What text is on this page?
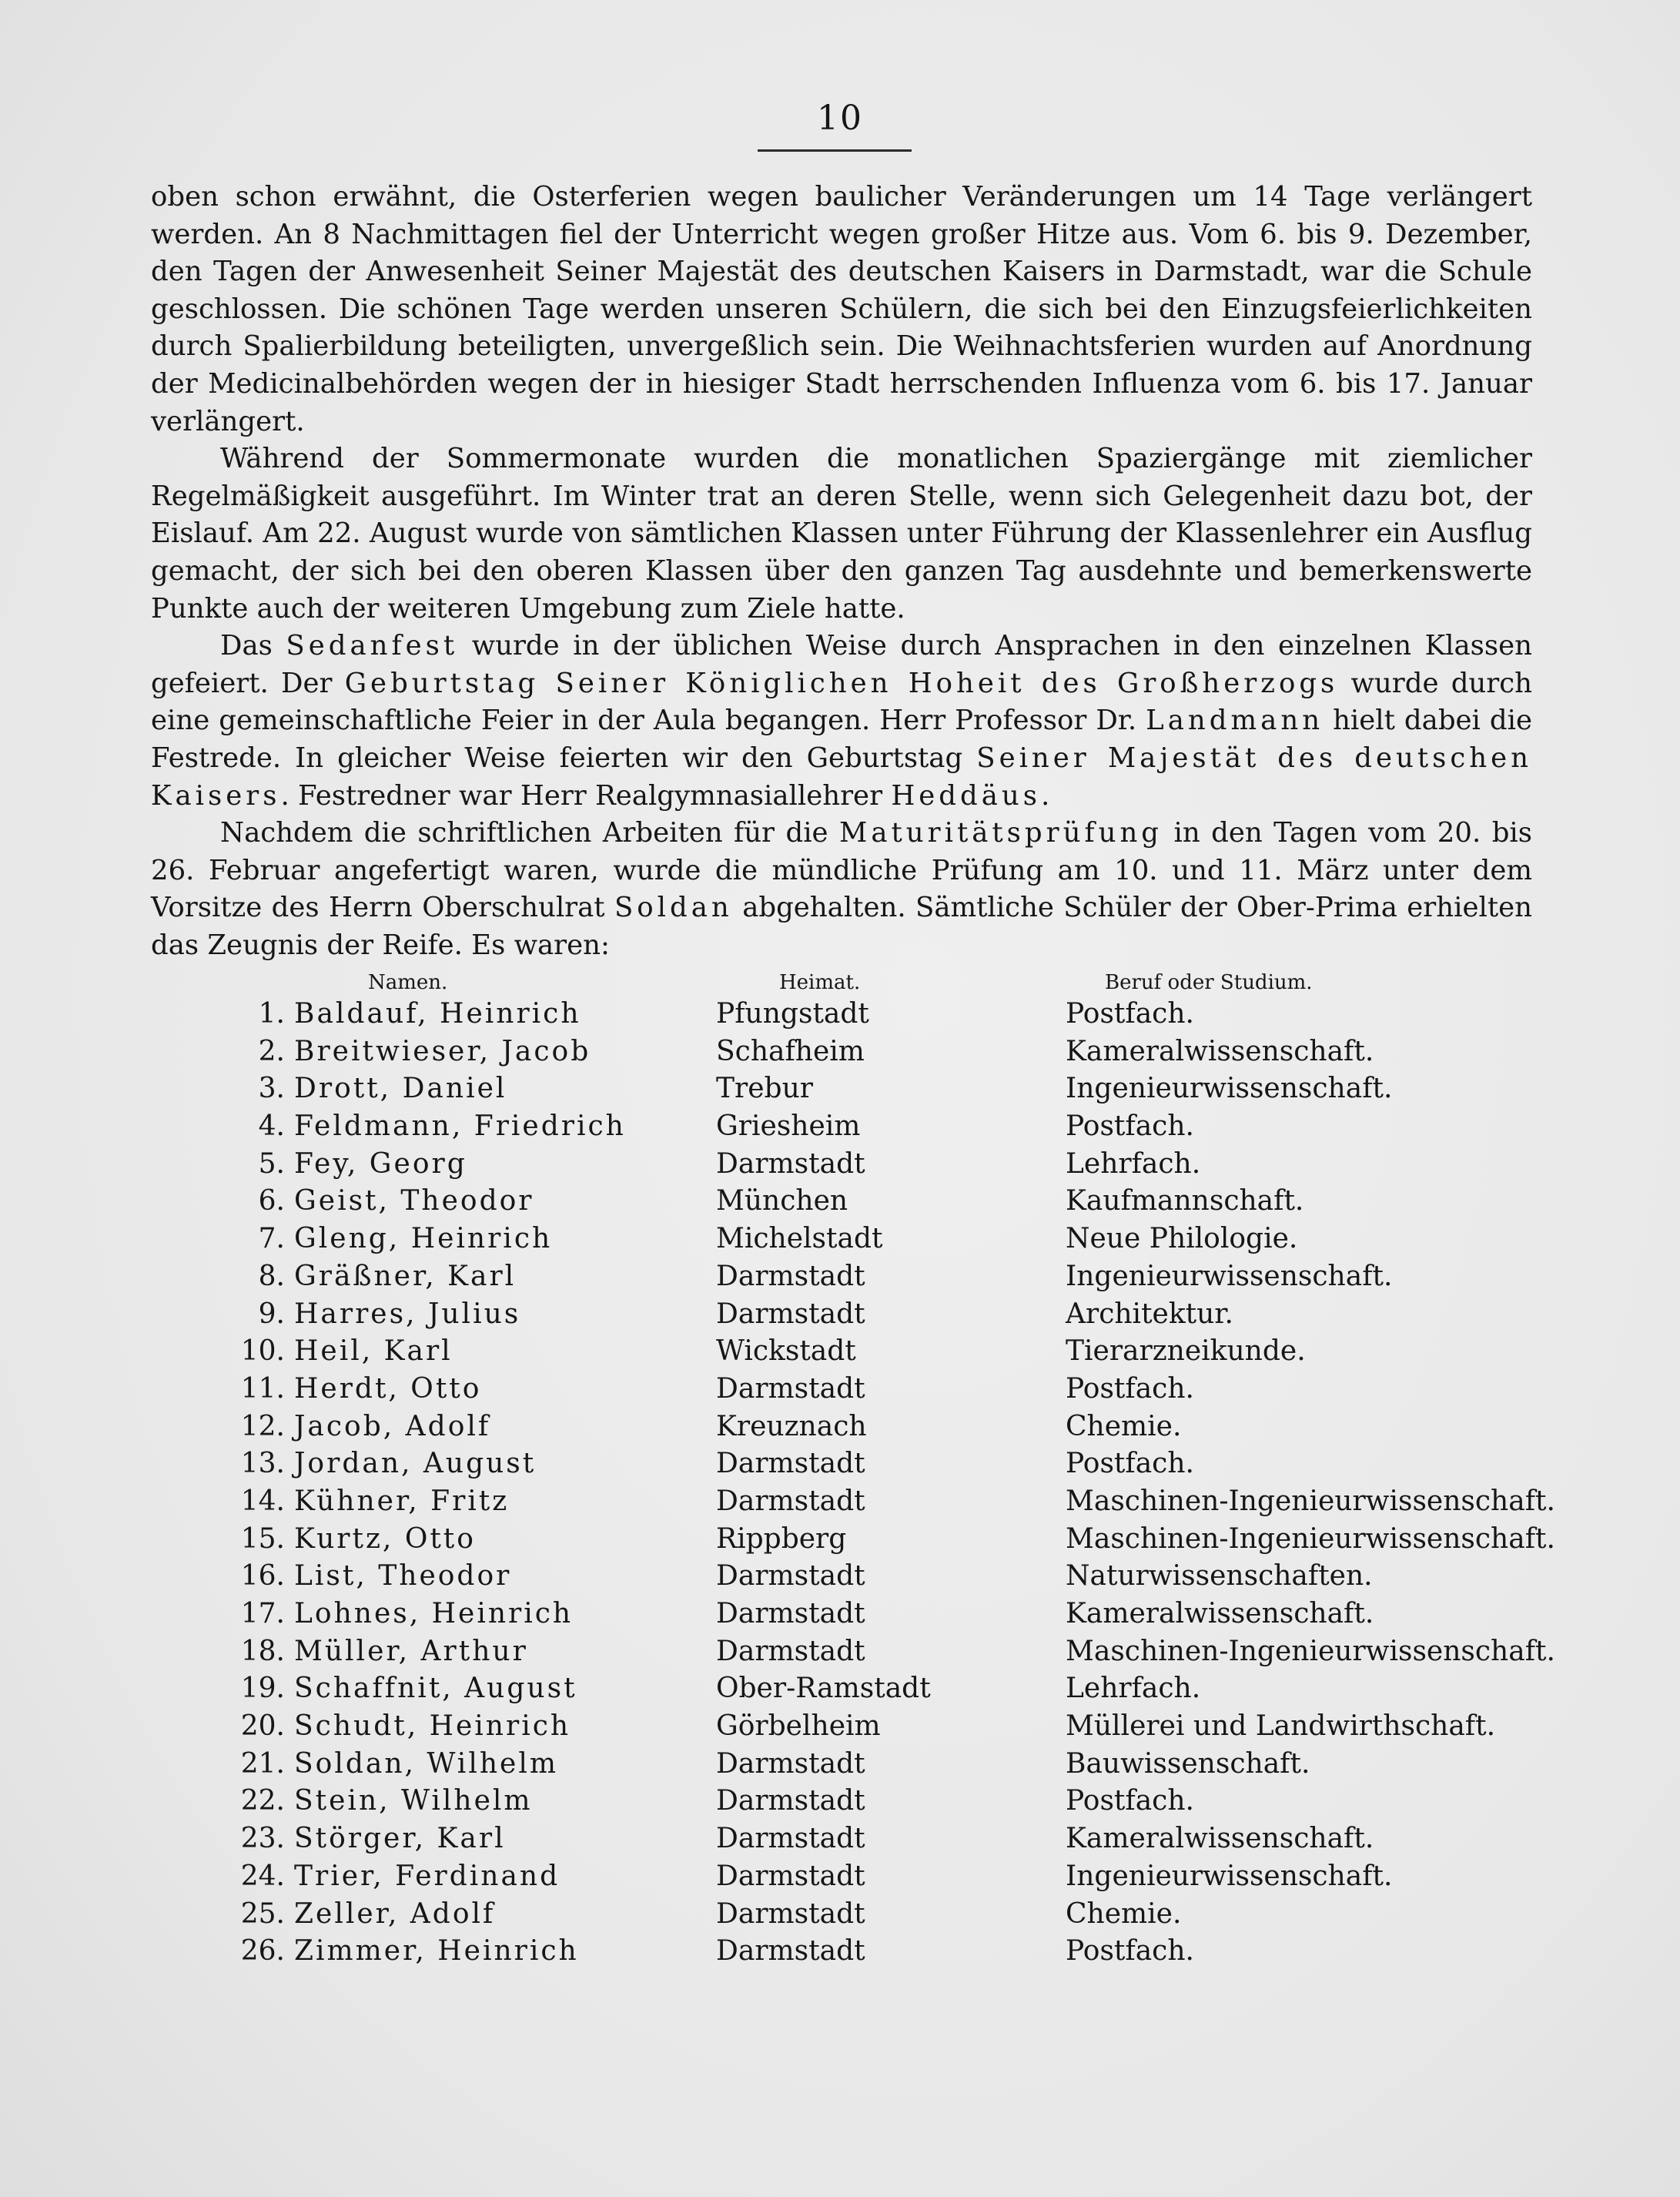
10

oben schon erwähnt, die Osterferien wegen baulicher Veränderungen um 14 Tage verlängert werden. An 8 Nachmittagen fiel der Unterricht wegen großer Hitze aus. Vom 6. bis 9. Dezember, den Tagen der Anwesenheit Seiner Majestät des deutschen Kaisers in Darmstadt, war die Schule geschlossen. Die schönen Tage werden unseren Schülern, die sich bei den Einzugsfeierlichkeiten durch Spalierbildung beteiligten, unvergeßlich sein. Die Weihnachtsferien wurden auf Anordnung der Medicinalbehörden wegen der in hiesiger Stadt herrschenden Influenza vom 6. bis 17. Januar verlängert.

Während der Sommermonate wurden die monatlichen Spaziergänge mit ziemlicher Regelmäßigkeit ausgeführt. Im Winter trat an deren Stelle, wenn sich Gelegenheit dazu bot, der Eislauf. Am 22. August wurde von sämtlichen Klassen unter Führung der Klassenlehrer ein Ausflug gemacht, der sich bei den oberen Klassen über den ganzen Tag ausdehnte und bemerkenswerte Punkte auch der weiteren Umgebung zum Ziele hatte.

Das Sedanfest wurde in der üblichen Weise durch Ansprachen in den einzelnen Klassen gefeiert. Der Geburtstag Seiner Königlichen Hoheit des Großherzogs wurde durch eine gemeinschaftliche Feier in der Aula begangen. Herr Professor Dr. Landmann hielt dabei die Festrede. In gleicher Weise feierten wir den Geburtstag Seiner Majestät des deutschen Kaisers. Festredner war Herr Realgymnasiallehrer Heddäus.

Nachdem die schriftlichen Arbeiten für die Maturitätsprüfung in den Tagen vom 20. bis 26. Februar angefertigt waren, wurde die mündliche Prüfung am 10. und 11. März unter dem Vorsitze des Herrn Oberschulrat Soldan abgehalten. Sämtliche Schüler der Ober-Prima erhielten das Zeugnis der Reife. Es waren:

Namen.	Heimat.	Beruf oder Studium.
1. Baldauf, Heinrich	Pfungstadt	Postfach.
2. Breitwieser, Jacob	Schafheim	Kameralwissenschaft.
3. Drott, Daniel	Trebur	Ingenieurwissenschaft.
4. Feldmann, Friedrich	Griesheim	Postfach.
5. Fey, Georg	Darmstadt	Lehrfach.
6. Geist, Theodor	München	Kaufmannschaft.
7. Gleng, Heinrich	Michelstadt	Neue Philologie.
8. Gräßner, Karl	Darmstadt	Ingenieurwissenschaft.
9. Harres, Julius	Darmstadt	Architektur.
10. Heil, Karl	Wickstadt	Tierarzneikunde.
11. Herdt, Otto	Darmstadt	Postfach.
12. Jacob, Adolf	Kreuznach	Chemie.
13. Jordan, August	Darmstadt	Postfach.
14. Kühner, Fritz	Darmstadt	Maschinen-Ingenieurwissenschaft.
15. Kurtz, Otto	Rippberg	Maschinen-Ingenieurwissenschaft.
16. List, Theodor	Darmstadt	Naturwissenschaften.
17. Lohnes, Heinrich	Darmstadt	Kameralwissenschaft.
18. Müller, Arthur	Darmstadt	Maschinen-Ingenieurwissenschaft.
19. Schaffnit, August	Ober-Ramstadt	Lehrfach.
20. Schudt, Heinrich	Görbelheim	Müllerei und Landwirthschaft.
21. Soldan, Wilhelm	Darmstadt	Bauwissenschaft.
22. Stein, Wilhelm	Darmstadt	Postfach.
23. Störger, Karl	Darmstadt	Kameralwissenschaft.
24. Trier, Ferdinand	Darmstadt	Ingenieurwissenschaft.
25. Zeller, Adolf	Darmstadt	Chemie.
26. Zimmer, Heinrich	Darmstadt	Postfach.
